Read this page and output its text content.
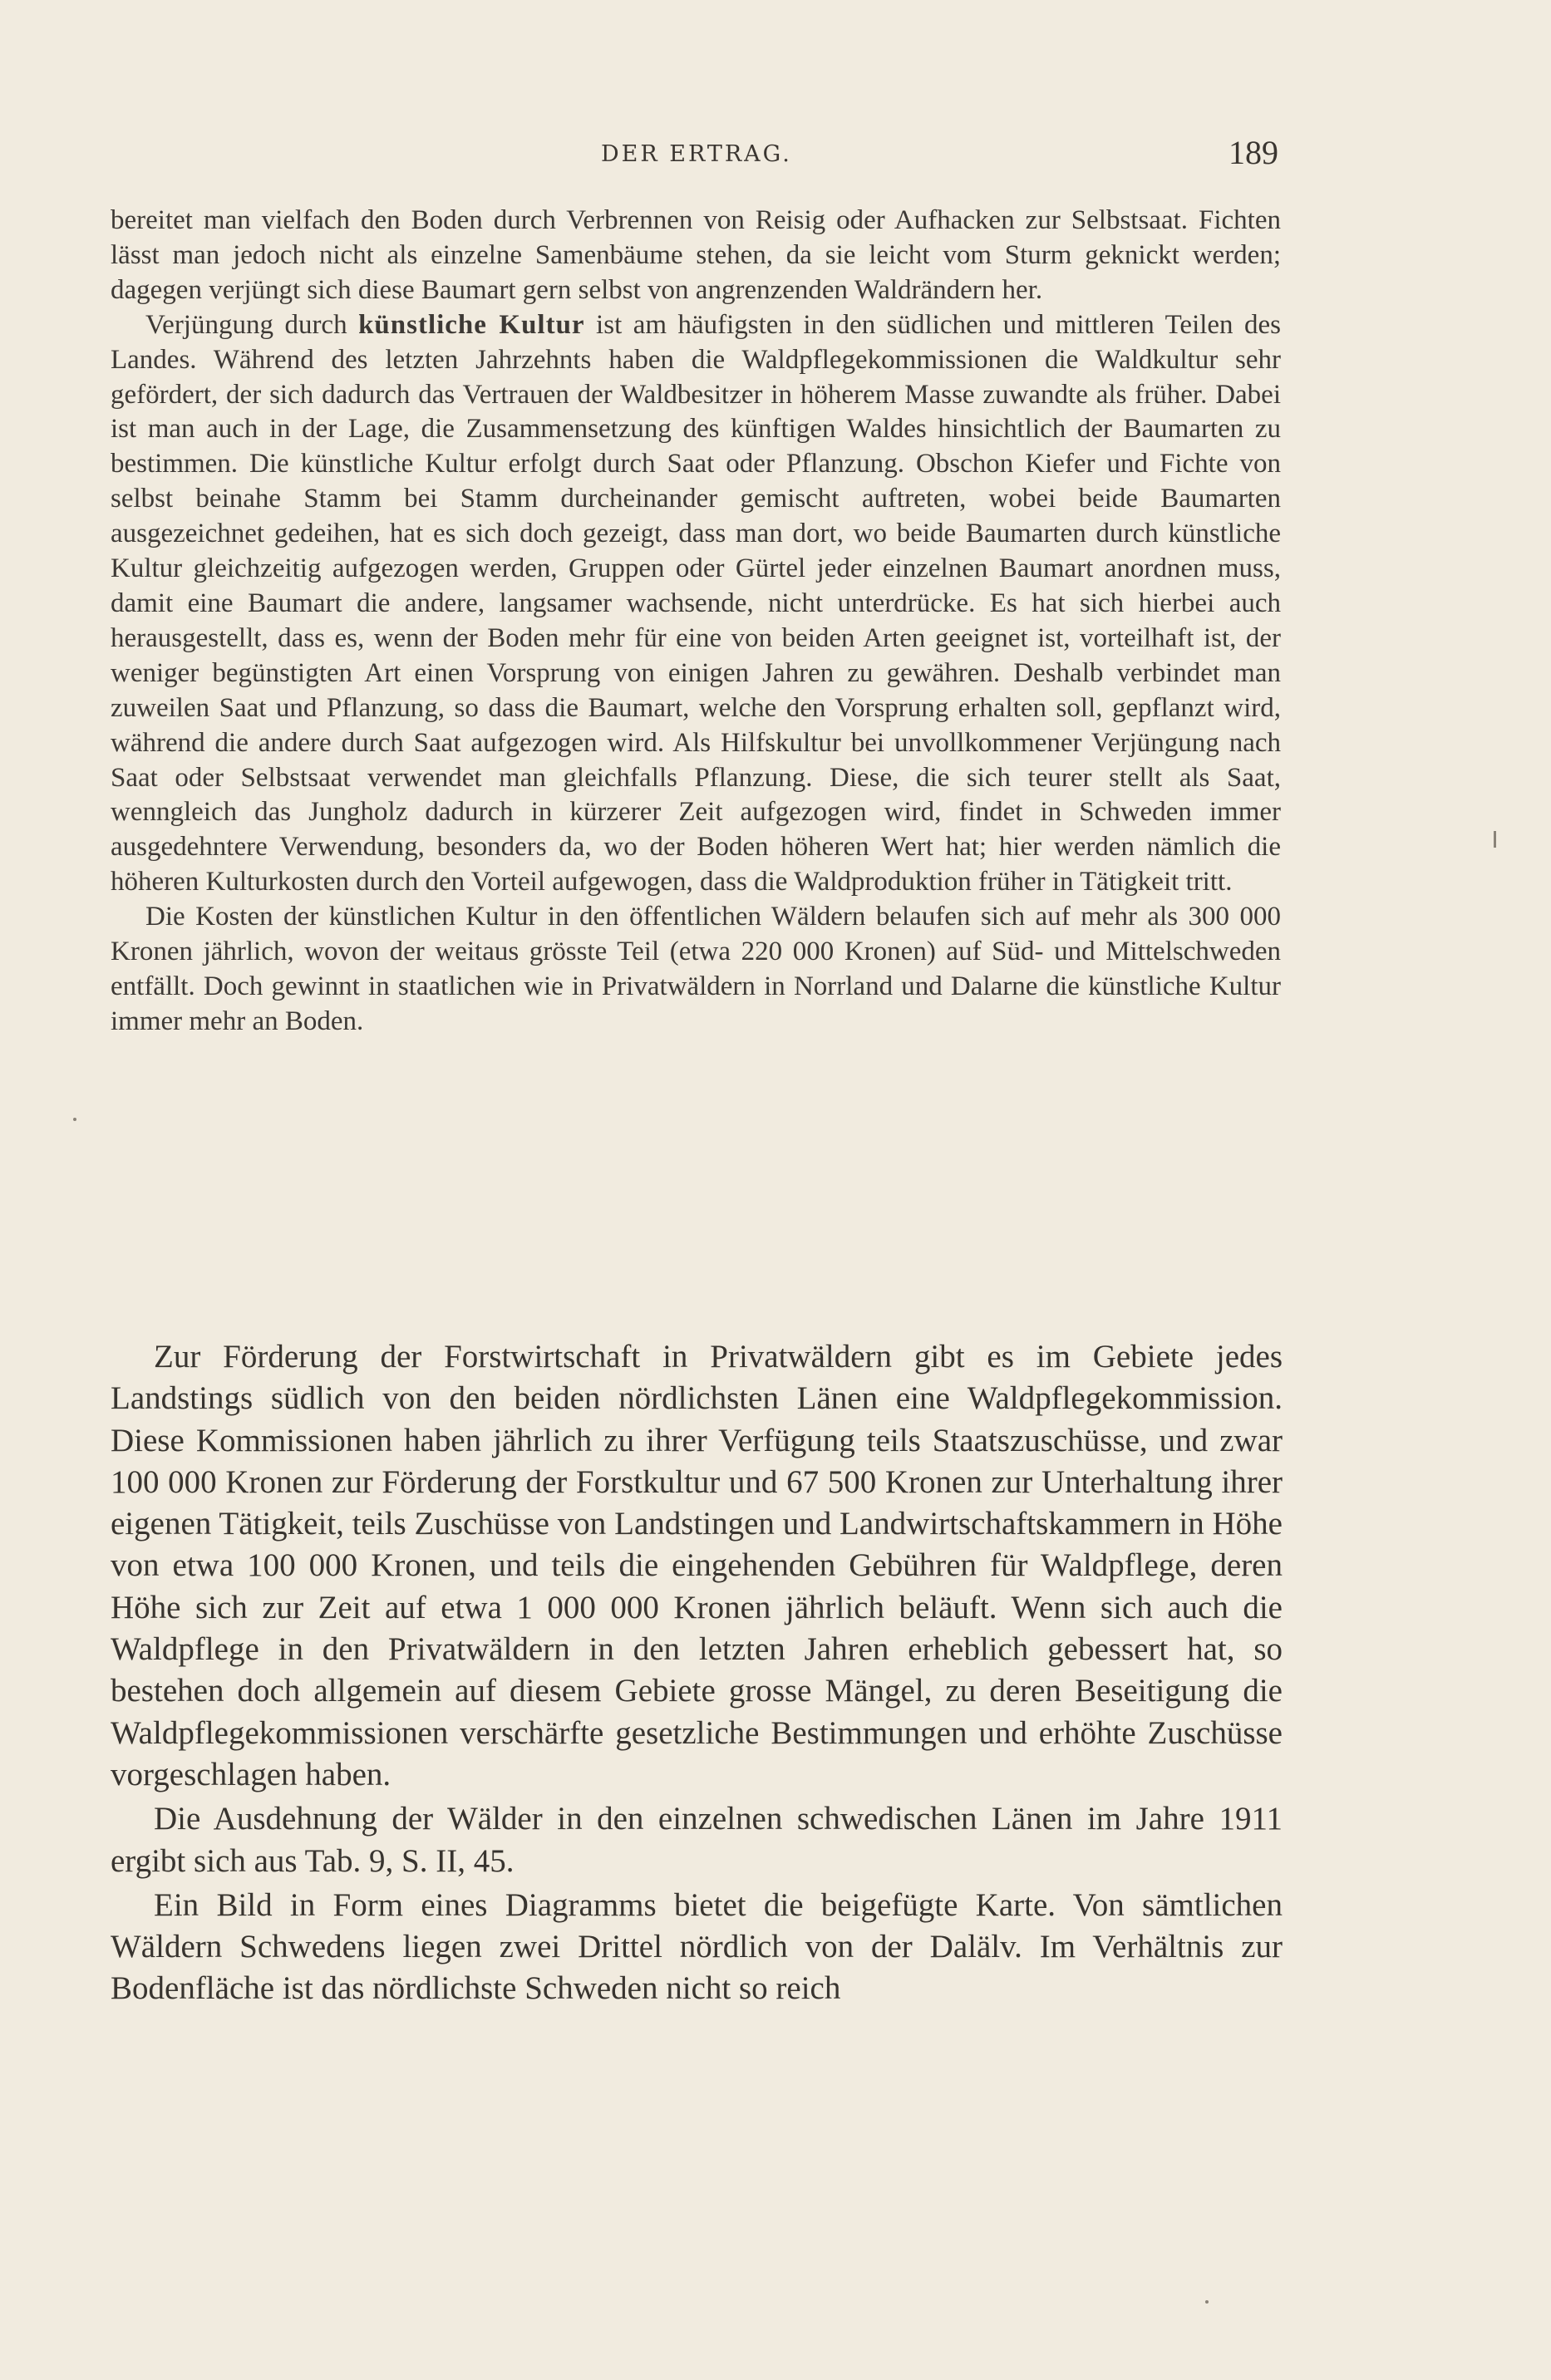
DER ERTRAG.	189

bereitet man vielfach den Boden durch Verbrennen von Reisig oder Aufhacken zur Selbstsaat. Fichten lässt man jedoch nicht als einzelne Samenbäume stehen, da sie leicht vom Sturm geknickt werden; dagegen verjüngt sich diese Baumart gern selbst von angrenzenden Waldrändern her.

Verjüngung durch künstliche Kultur ist am häufigsten in den südlichen und mittleren Teilen des Landes. Während des letzten Jahrzehnts haben die Waldpflegekommissionen die Waldkultur sehr gefördert, der sich dadurch das Vertrauen der Waldbesitzer in höherem Masse zuwandte als früher. Dabei ist man auch in der Lage, die Zusammensetzung des künftigen Waldes hinsichtlich der Baumarten zu bestimmen. Die künstliche Kultur erfolgt durch Saat oder Pflanzung. Obschon Kiefer und Fichte von selbst beinahe Stamm bei Stamm durcheinander gemischt auftreten, wobei beide Baumarten ausgezeichnet gedeihen, hat es sich doch gezeigt, dass man dort, wo beide Baumarten durch künstliche Kultur gleichzeitig aufgezogen werden, Gruppen oder Gürtel jeder einzelnen Baumart anordnen muss, damit eine Baumart die andere, langsamer wachsende, nicht unterdrücke. Es hat sich hierbei auch herausgestellt, dass es, wenn der Boden mehr für eine von beiden Arten geeignet ist, vorteilhaft ist, der weniger begünstigten Art einen Vorsprung von einigen Jahren zu gewähren. Deshalb verbindet man zuweilen Saat und Pflanzung, so dass die Baumart, welche den Vorsprung erhalten soll, gepflanzt wird, während die andere durch Saat aufgezogen wird. Als Hilfskultur bei unvollkommener Verjüngung nach Saat oder Selbstsaat verwendet man gleichfalls Pflanzung. Diese, die sich teurer stellt als Saat, wenngleich das Jungholz dadurch in kürzerer Zeit aufgezogen wird, findet in Schweden immer ausgedehntere Verwendung, besonders da, wo der Boden höheren Wert hat; hier werden nämlich die höheren Kulturkosten durch den Vorteil aufgewogen, dass die Waldproduktion früher in Tätigkeit tritt.

Die Kosten der künstlichen Kultur in den öffentlichen Wäldern belaufen sich auf mehr als 300 000 Kronen jährlich, wovon der weitaus grösste Teil (etwa 220 000 Kronen) auf Süd- und Mittelschweden entfällt. Doch gewinnt in staatlichen wie in Privatwäldern in Norrland und Dalarne die künstliche Kultur immer mehr an Boden.

Zur Förderung der Forstwirtschaft in Privatwäldern gibt es im Gebiete jedes Landstings südlich von den beiden nördlichsten Länen eine Waldpflegekommission. Diese Kommissionen haben jährlich zu ihrer Verfügung teils Staatszuschüsse, und zwar 100 000 Kronen zur Förderung der Forstkultur und 67 500 Kronen zur Unterhaltung ihrer eigenen Tätigkeit, teils Zuschüsse von Landstingen und Landwirtschaftskammern in Höhe von etwa 100 000 Kronen, und teils die eingehenden Gebühren für Waldpflege, deren Höhe sich zur Zeit auf etwa 1 000 000 Kronen jährlich beläuft. Wenn sich auch die Waldpflege in den Privatwäldern in den letzten Jahren erheblich gebessert hat, so bestehen doch allgemein auf diesem Gebiete grosse Mängel, zu deren Beseitigung die Waldpflegekommissionen verschärfte gesetzliche Bestimmungen und erhöhte Zuschüsse vorgeschlagen haben.

Die Ausdehnung der Wälder in den einzelnen schwedischen Länen im Jahre 1911 ergibt sich aus Tab. 9, S. II, 45.

Ein Bild in Form eines Diagramms bietet die beigefügte Karte. Von sämtlichen Wäldern Schwedens liegen zwei Drittel nördlich von der Dalälv. Im Verhältnis zur Bodenfläche ist das nördlichste Schweden nicht so reich
